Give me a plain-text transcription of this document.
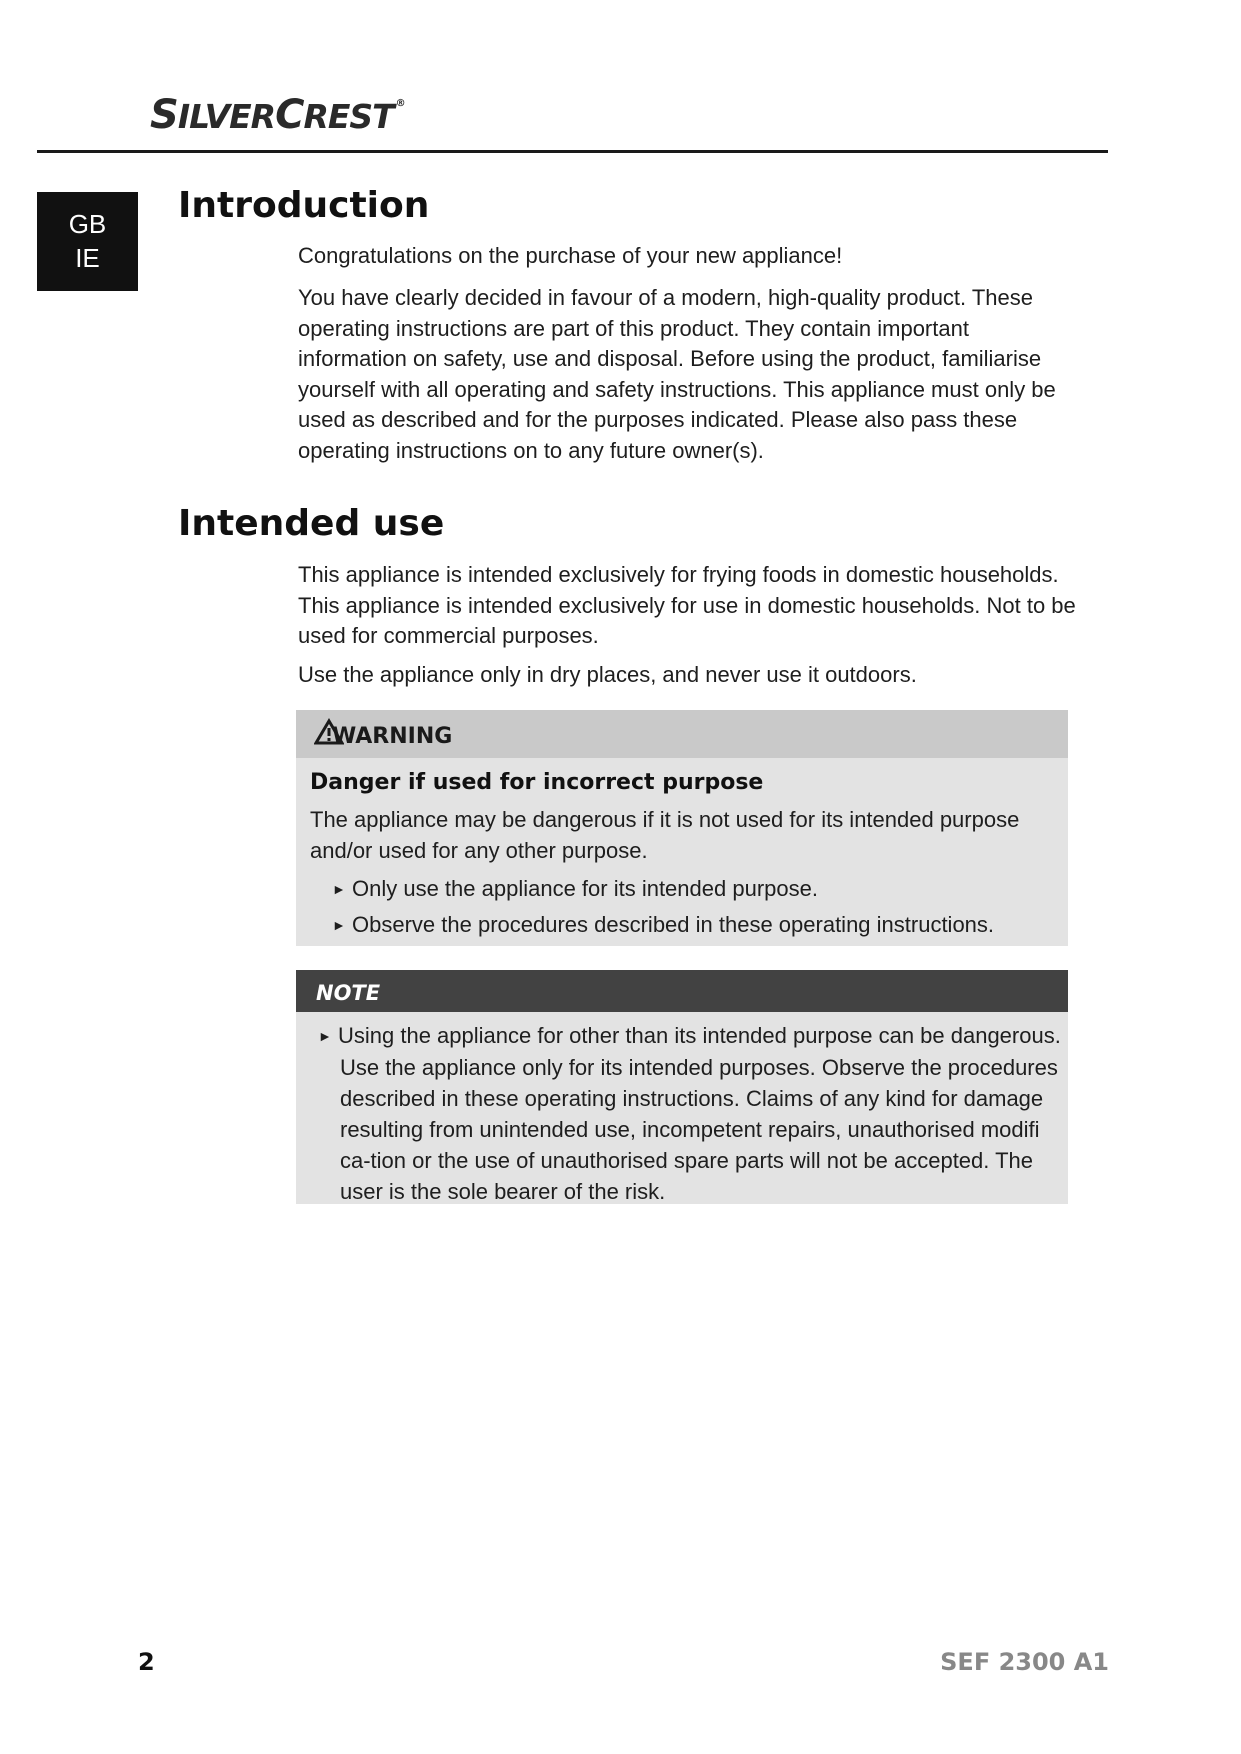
SILVERCREST ®
GB
IE
Introduction

Congratulations on the purchase of your new appliance!

You have clearly decided in favour of a modern, high-quality product. These operating instructions are part of this product. They contain important information on safety, use and disposal. Before using the product, familiarise yourself with all operating and safety instructions. This appliance must only be used as described and for the purposes indicated. Please also pass these operating instructions on to any future owner(s).

Intended use

This appliance is intended exclusively for frying foods in domestic households. This appliance is intended exclusively for use in domestic households. Not to be used for commercial purposes.

Use the appliance only in dry places, and never use it outdoors.

WARNING
Danger if used for incorrect purpose
The appliance may be dangerous if it is not used for its intended purpose and/or used for any other purpose.
► Only use the appliance for its intended purpose.
► Observe the procedures described in these operating instructions.
NOTE
► Using the appliance for other than its intended purpose can be dangerous. Use the appliance only for its intended purposes. Observe the procedures described in these operating instructions. Claims of any kind for damage resulting from unintended use, incompetent repairs, unauthorised modifi ca-tion or the use of unauthorised spare parts will not be accepted. The user is the sole bearer of the risk.
2	SEF 2300 A1
